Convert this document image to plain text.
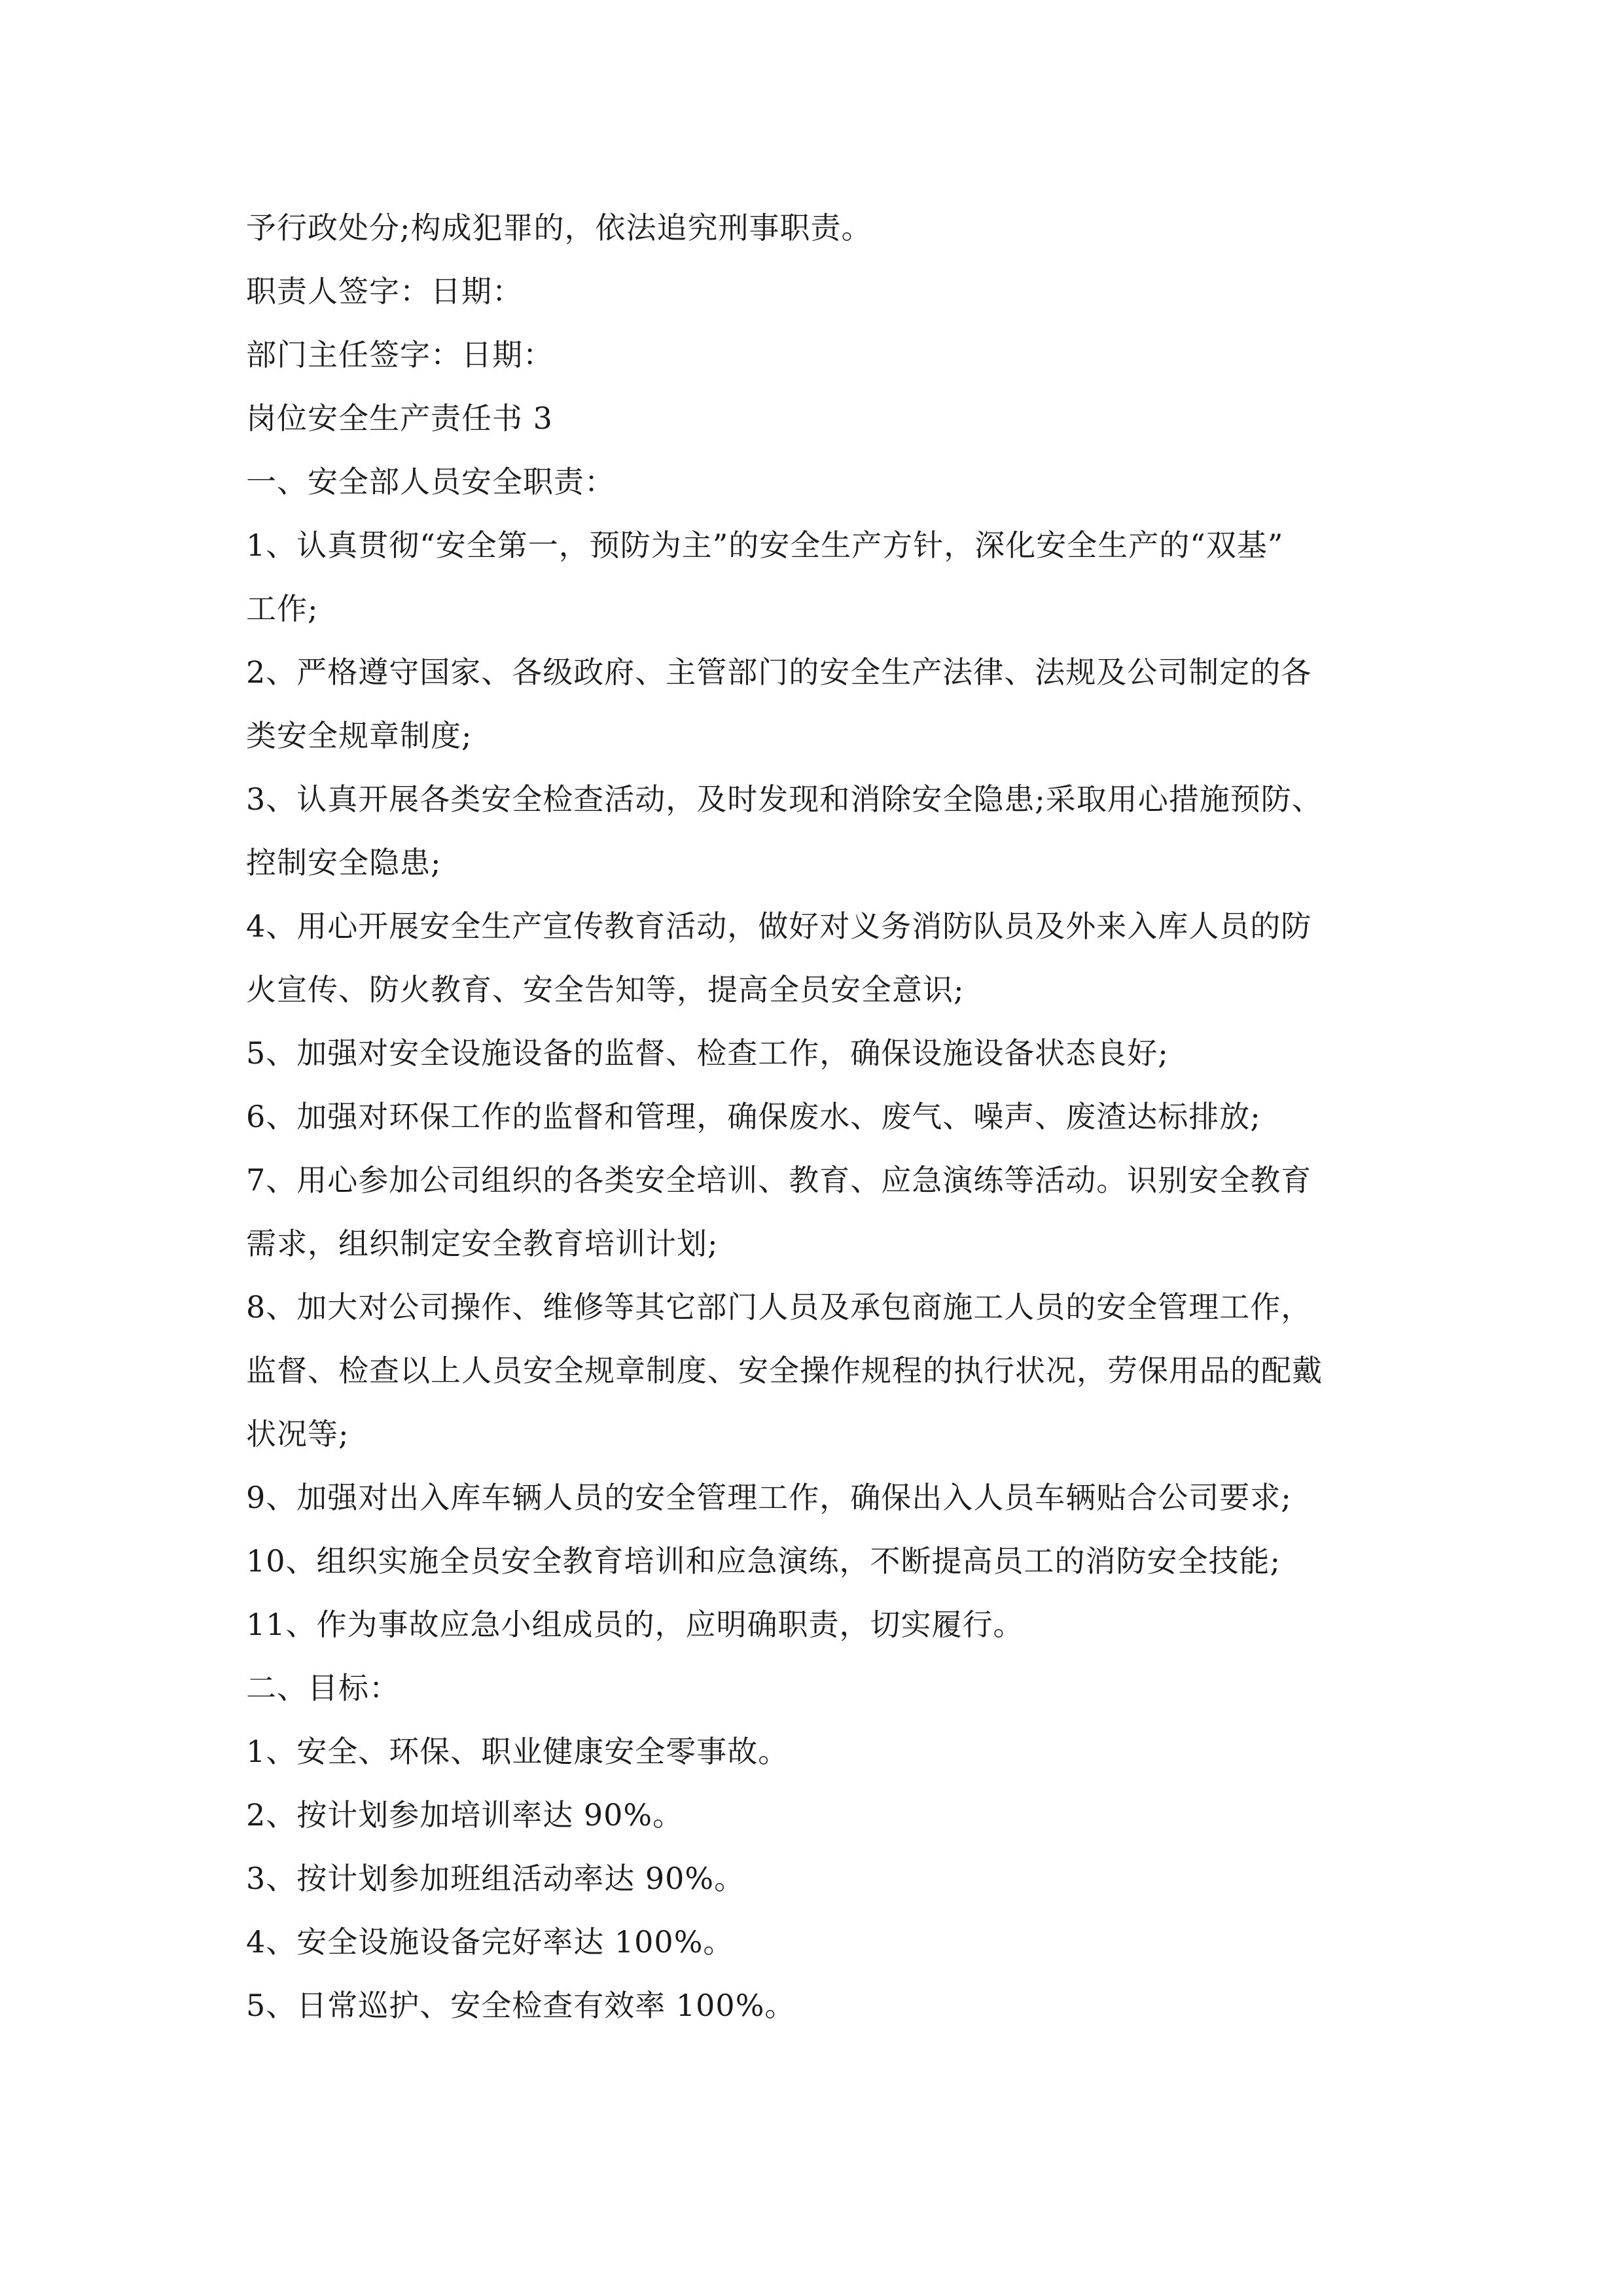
予行政处分;构成犯罪的，依法追究刑事职责。
职责人签字：日期：
部门主任签字：日期：
岗位安全生产责任书 3
一、安全部人员安全职责：
1、认真贯彻“安全第一，预防为主”的安全生产方针，深化安全生产的“双基”
工作;
2、严格遵守国家、各级政府、主管部门的安全生产法律、法规及公司制定的各
类安全规章制度;
3、认真开展各类安全检查活动，及时发现和消除安全隐患;采取用心措施预防、
控制安全隐患;
4、用心开展安全生产宣传教育活动，做好对义务消防队员及外来入库人员的防
火宣传、防火教育、安全告知等，提高全员安全意识;
5、加强对安全设施设备的监督、检查工作，确保设施设备状态良好;
6、加强对环保工作的监督和管理，确保废水、废气、噪声、废渣达标排放;
7、用心参加公司组织的各类安全培训、教育、应急演练等活动。识别安全教育
需求，组织制定安全教育培训计划;
8、加大对公司操作、维修等其它部门人员及承包商施工人员的安全管理工作，
监督、检查以上人员安全规章制度、安全操作规程的执行状况，劳保用品的配戴
状况等;
9、加强对出入库车辆人员的安全管理工作，确保出入人员车辆贴合公司要求;
10、组织实施全员安全教育培训和应急演练，不断提高员工的消防安全技能;
11、作为事故应急小组成员的，应明确职责，切实履行。
二、目标：
1、安全、环保、职业健康安全零事故。
2、按计划参加培训率达 90%。
3、按计划参加班组活动率达 90%。
4、安全设施设备完好率达 100%。
5、日常巡护、安全检查有效率 100%。
